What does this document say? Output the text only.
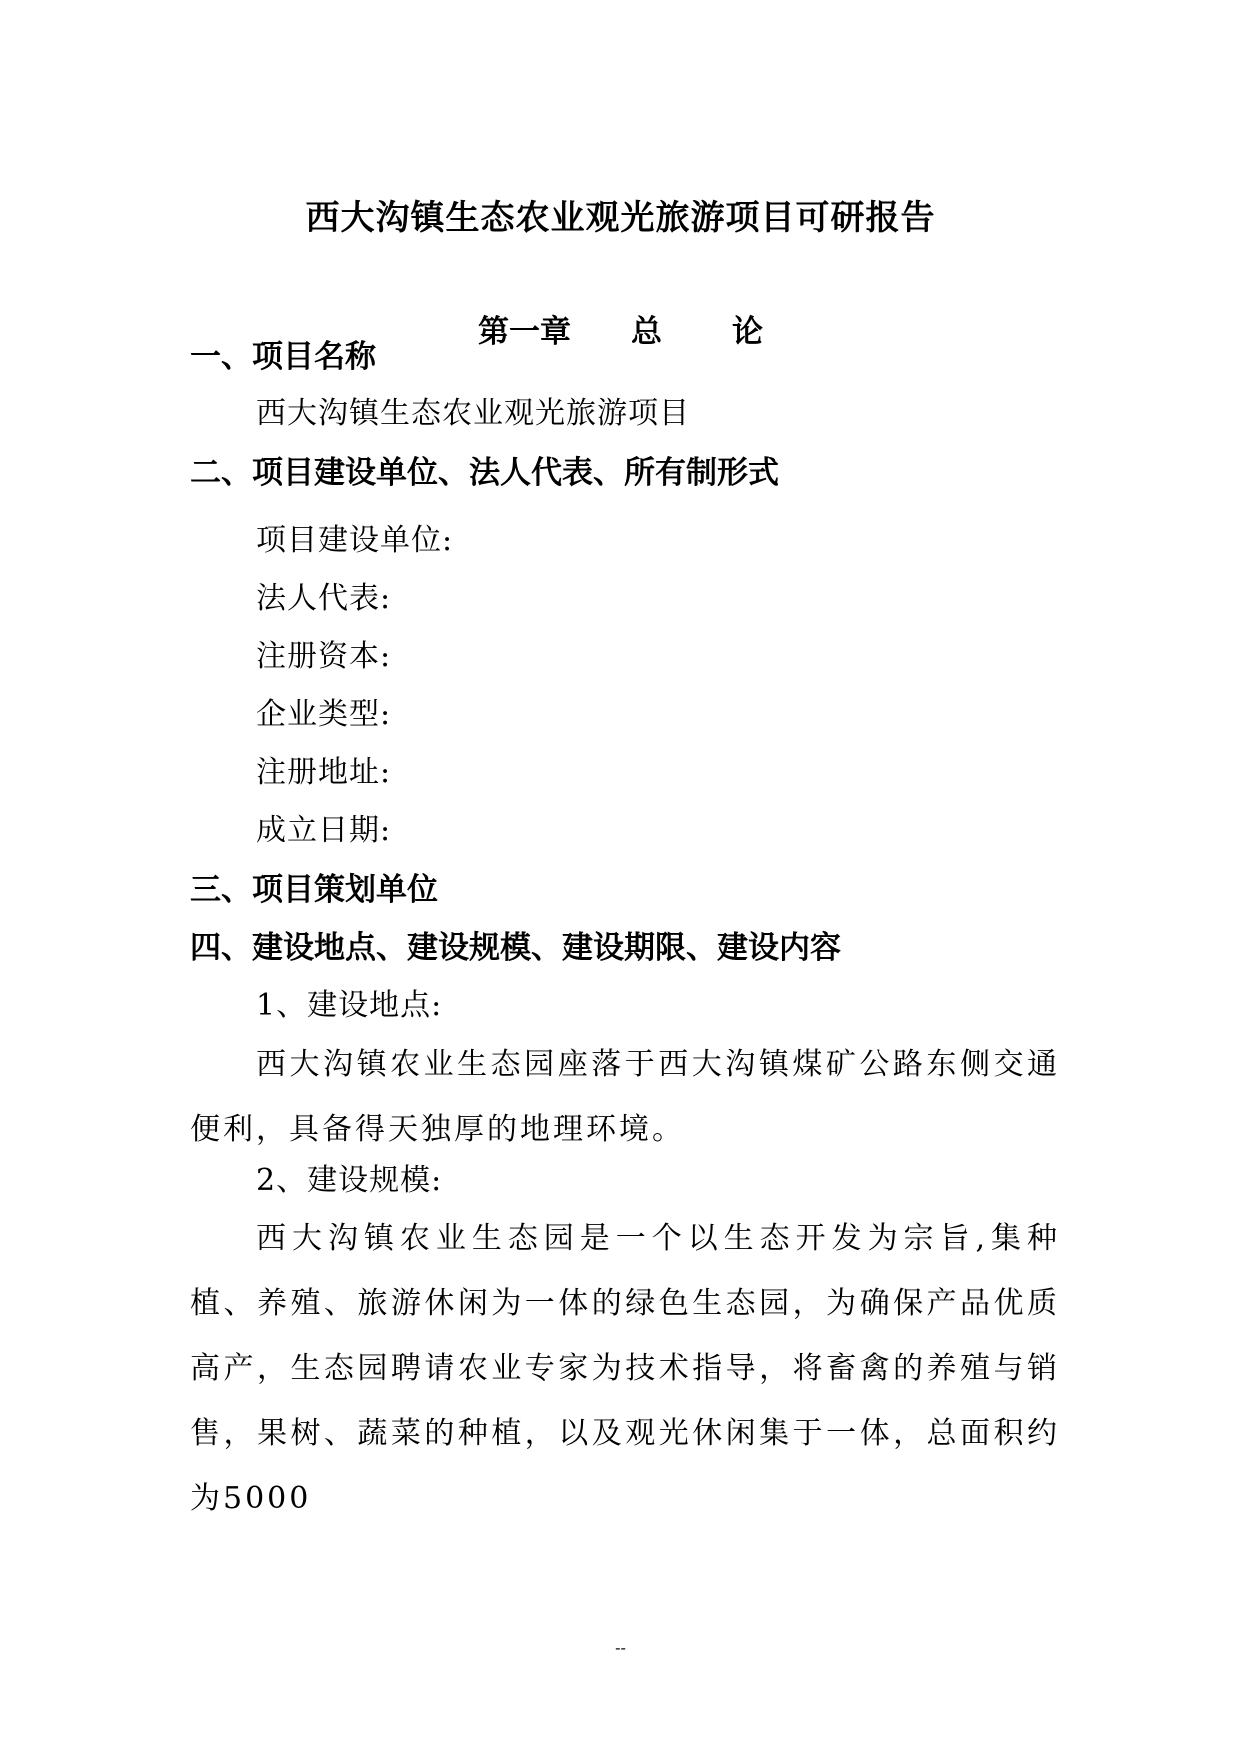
西大沟镇生态农业观光旅游项目可研报告
第一章 总 论
一、项目名称
西大沟镇生态农业观光旅游项目
二、项目建设单位、法人代表、所有制形式
项目建设单位:
法人代表:
注册资本:
企业类型:
注册地址:
成立日期:
三、项目策划单位
四、建设地点、建设规模、建设期限、建设内容
1、建设地点:
西大沟镇农业生态园座落于西大沟镇煤矿公路东侧交通便利，具备得天独厚的地理环境。
2、建设规模:
西大沟镇农业生态园是一个以生态开发为宗旨,集种植、养殖、旅游休闲为一体的绿色生态园，为确保产品优质高产，生态园聘请农业专家为技术指导，将畜禽的养殖与销售，果树、蔬菜的种植，以及观光休闲集于一体，总面积约为5000
--
